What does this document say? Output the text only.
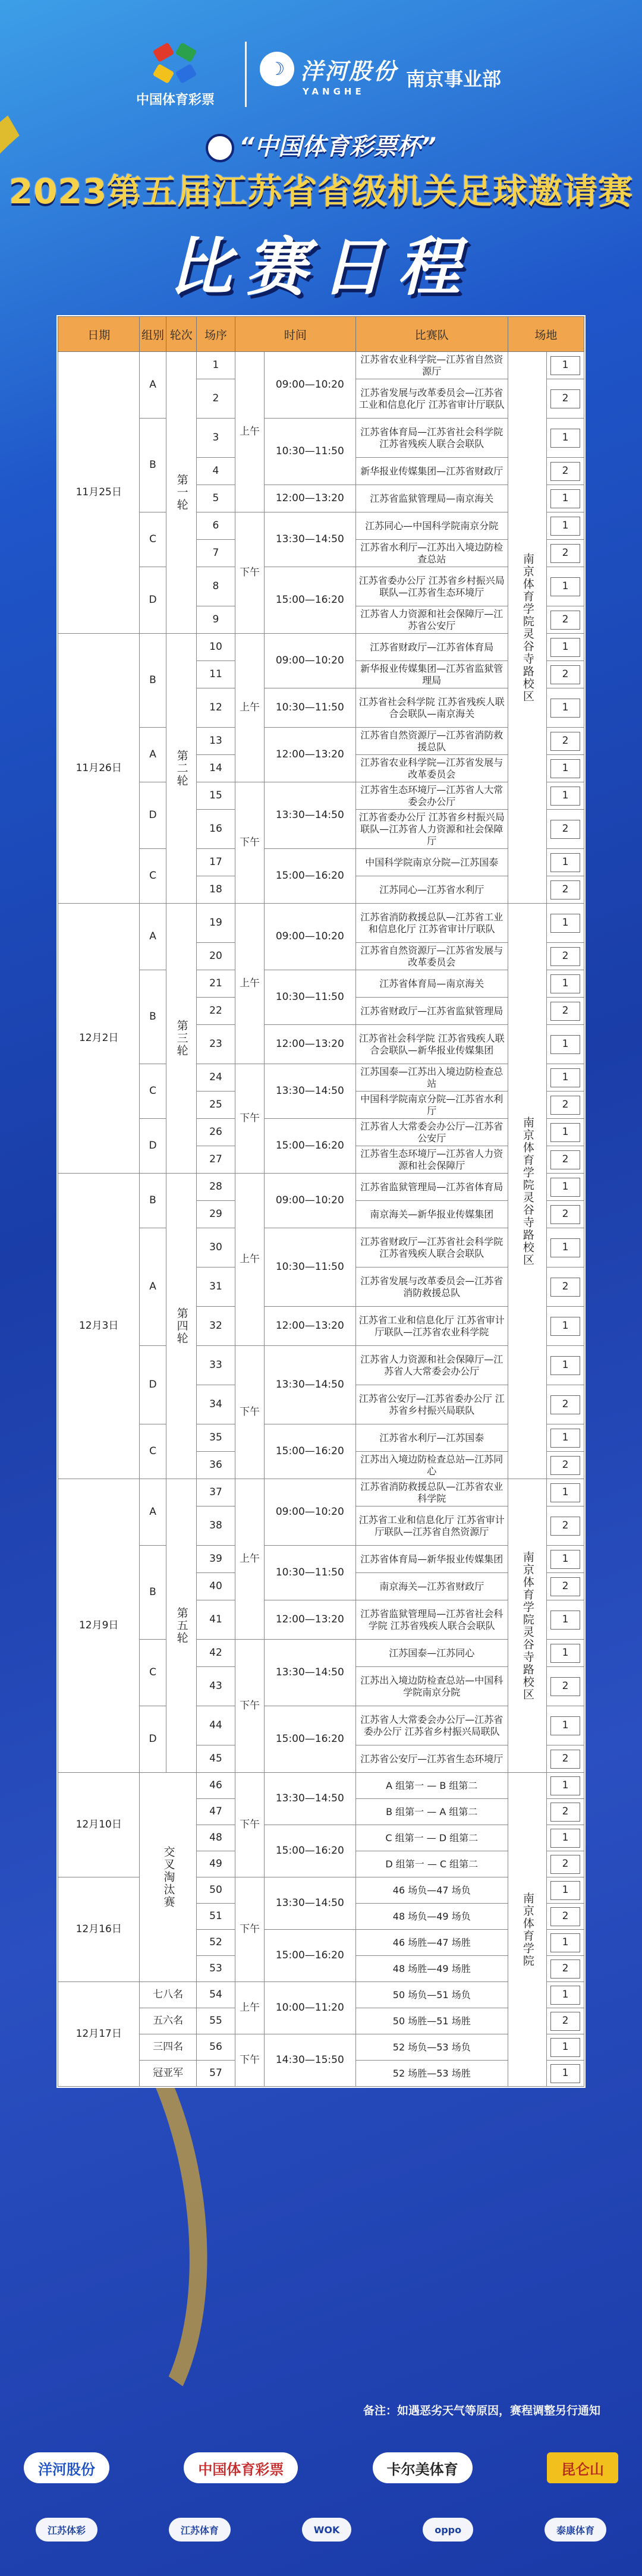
中国体育彩票
☽ 洋河股份
YANGHE
南京事业部
“中国体育彩票杯”
2023第五届江苏省省级机关足球邀请赛
比赛日程
日期	组别	轮次	场序	时间		比赛队	场地	
11月25日	A	第一轮	1	上午	09:00—10:20	江苏省农业科学院—江苏省自然资源厅	南京体育学院灵谷寺路校区	1

			2			江苏省发展与改革委员会—江苏省工业和信息化厅 江苏省审计厅联队		2

	B		3		10:30—11:50	江苏省体育局—江苏省社会科学院 江苏省残疾人联合会联队		1

			4			新华报业传媒集团—江苏省财政厅		2

			5		12:00—13:20	江苏省监狱管理局—南京海关		1

	C		6	下午	13:30—14:50	江苏同心—中国科学院南京分院		1

			7			江苏省水利厅—江苏出入境边防检查总站		2

	D		8		15:00—16:20	江苏省委办公厅 江苏省乡村振兴局联队—江苏省生态环境厅		1

			9			江苏省人力资源和社会保障厅—江苏省公安厅		2

11月26日	B	第二轮	10	上午	09:00—10:20	江苏省财政厅—江苏省体育局		1

			11			新华报业传媒集团—江苏省监狱管理局		2

			12		10:30—11:50	江苏省社会科学院 江苏省残疾人联合会联队—南京海关		1

	A		13		12:00—13:20	江苏省自然资源厅—江苏省消防救援总队		2

			14			江苏省农业科学院—江苏省发展与改革委员会		1

	D		15	下午	13:30—14:50	江苏省生态环境厅—江苏省人大常委会办公厅		1

			16			江苏省委办公厅 江苏省乡村振兴局联队—江苏省人力资源和社会保障厅		2

	C		17		15:00—16:20	中国科学院南京分院—江苏国泰		1

			18			江苏同心—江苏省水利厅		2

12月2日	A	第三轮	19	上午	09:00—10:20	江苏省消防救援总队—江苏省工业和信息化厅 江苏省审计厅联队	南京体育学院灵谷寺路校区	1

			20			江苏省自然资源厅—江苏省发展与改革委员会		2

	B		21		10:30—11:50	江苏省体育局—南京海关		1

			22			江苏省财政厅—江苏省监狱管理局		2

			23		12:00—13:20	江苏省社会科学院 江苏省残疾人联合会联队—新华报业传媒集团		1

	C		24	下午	13:30—14:50	江苏国泰—江苏出入境边防检查总站		1

			25			中国科学院南京分院—江苏省水利厅		2

	D		26		15:00—16:20	江苏省人大常委会办公厅—江苏省公安厅		1

			27			江苏省生态环境厅—江苏省人力资源和社会保障厅		2

12月3日	B	第四轮	28	上午	09:00—10:20	江苏省监狱管理局—江苏省体育局		1

			29			南京海关—新华报业传媒集团		2

	A		30		10:30—11:50	江苏省财政厅—江苏省社会科学院 江苏省残疾人联合会联队		1

			31			江苏省发展与改革委员会—江苏省消防救援总队		2

			32		12:00—13:20	江苏省工业和信息化厅 江苏省审计厅联队—江苏省农业科学院		1

	D		33	下午	13:30—14:50	江苏省人力资源和社会保障厅—江苏省人大常委会办公厅		1

			34			江苏省公安厅—江苏省委办公厅 江苏省乡村振兴局联队		2

	C		35		15:00—16:20	江苏省水利厅—江苏国泰		1

			36			江苏出入境边防检查总站—江苏同心		2

12月9日	A	第五轮	37	上午	09:00—10:20	江苏省消防救援总队—江苏省农业科学院	南京体育学院灵谷寺路校区	1

			38			江苏省工业和信息化厅 江苏省审计厅联队—江苏省自然资源厅		2

	B		39		10:30—11:50	江苏省体育局—新华报业传媒集团		1

			40			南京海关—江苏省财政厅		2

			41		12:00—13:20	江苏省监狱管理局—江苏省社会科学院 江苏省残疾人联合会联队		1

	C		42	下午	13:30—14:50	江苏国泰—江苏同心		1

			43			江苏出入境边防检查总站—中国科学院南京分院		2

	D		44		15:00—16:20	江苏省人大常委会办公厅—江苏省委办公厅 江苏省乡村振兴局联队		1

			45			江苏省公安厅—江苏省生态环境厅		2

12月10日	交叉淘汰赛		46	下午	13:30—14:50	A 组第一 — B 组第二	南京体育学院	1

			47			B 组第一 — A 组第二		2

			48		15:00—16:20	C 组第一 — D 组第二		1

			49			D 组第一 — C 组第二		2

12月16日			50	下午	13:30—14:50	46 场负—47 场负		1

			51			48 场负—49 场负		2

			52		15:00—16:20	46 场胜—47 场胜		1

			53			48 场胜—49 场胜		2

12月17日	七八名		54	上午	10:00—11:20	50 场负—51 场负		1

	五六名		55			50 场胜—51 场胜		2

	三四名		56	下午	14:30—15:50	52 场负—53 场负		1

	冠亚军		57			52 场胜—53 场胜		1
备注：如遇恶劣天气等原因，赛程调整另行通知
洋河股份	中国体育彩票	卡尔美体育	昆仑山
江苏体彩	江苏体育	WOK	oppo	泰康体育
